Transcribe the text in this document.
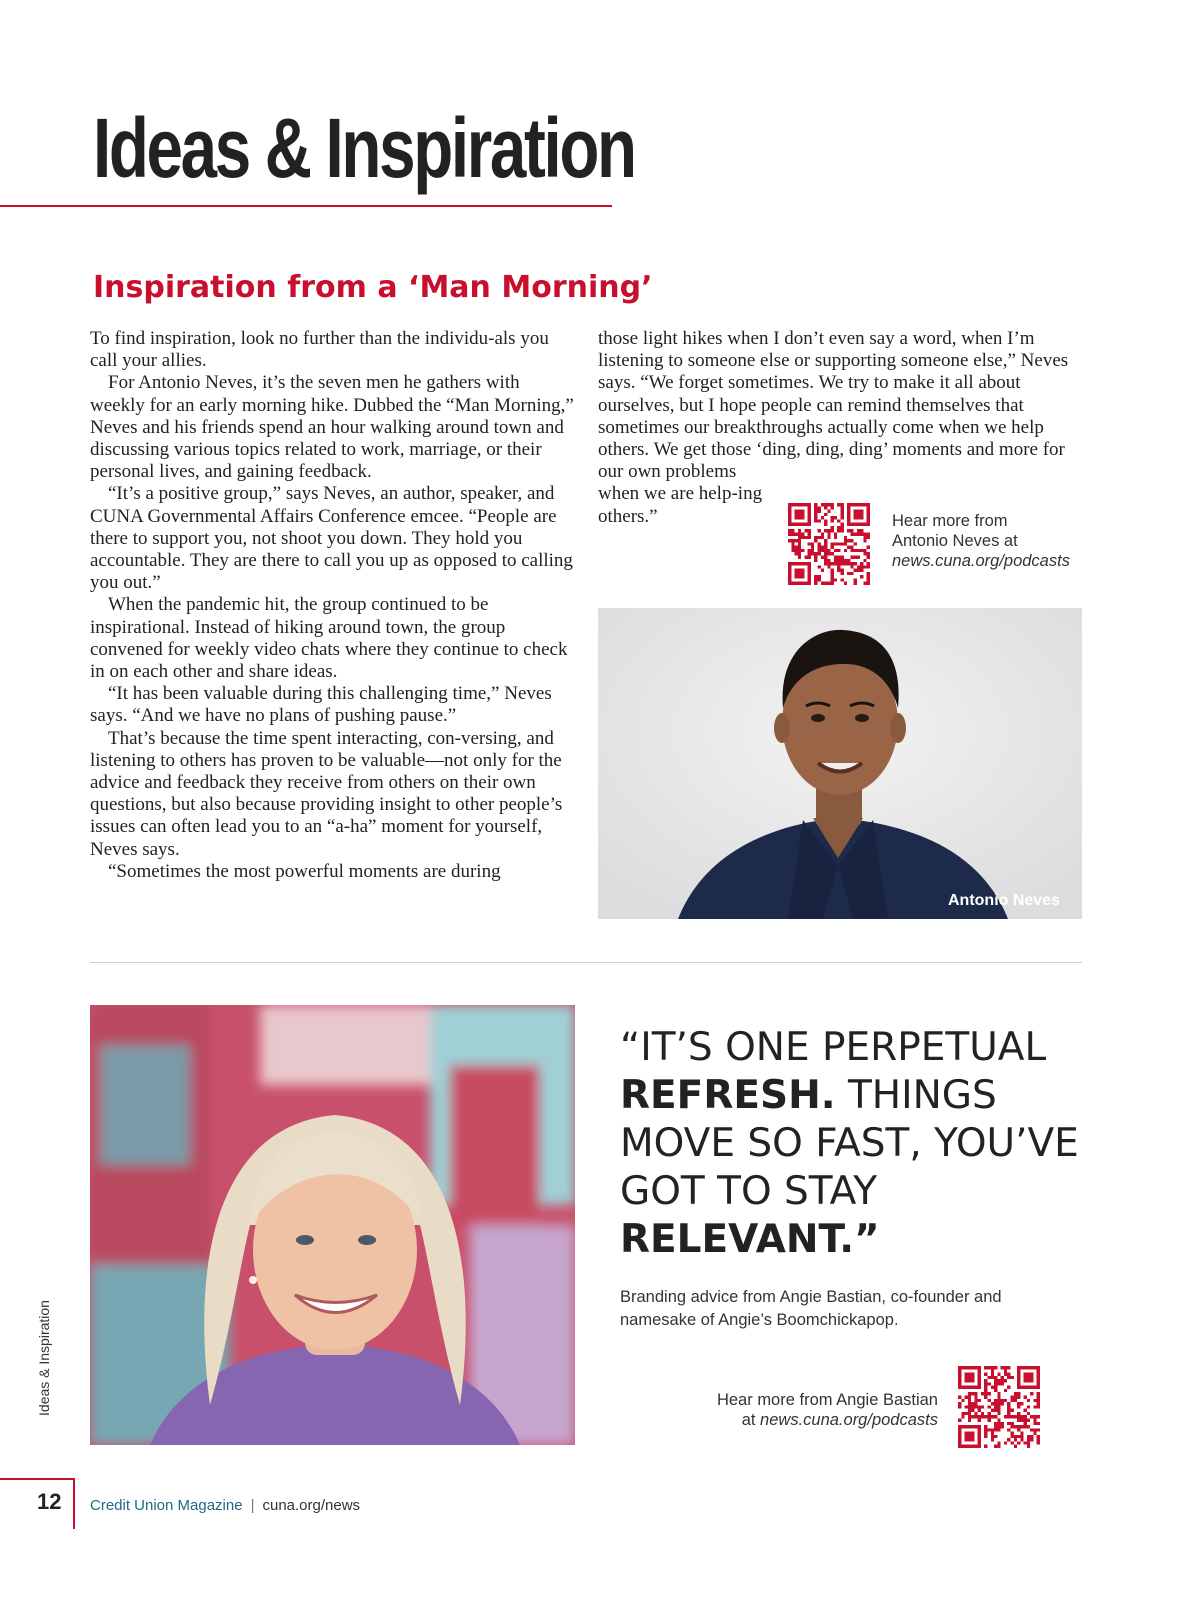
Ideas & Inspiration
Inspiration from a ‘Man Morning’

To find inspiration, look no further than the individu-als you call your allies.

For Antonio Neves, it’s the seven men he gathers with weekly for an early morning hike. Dubbed the “Man Morning,” Neves and his friends spend an hour walking around town and discussing various topics related to work, marriage, or their personal lives, and gaining feedback.

“It’s a positive group,” says Neves, an author, speaker, and CUNA Governmental Affairs Conference emcee. “People are there to support you, not shoot you down. They hold you accountable. They are there to call you up as opposed to calling you out.”

When the pandemic hit, the group continued to be inspirational. Instead of hiking around town, the group convened for weekly video chats where they continue to check in on each other and share ideas.

“It has been valuable during this challenging time,” Neves says. “And we have no plans of pushing pause.”

That’s because the time spent interacting, con-versing, and listening to others has proven to be valuable—not only for the advice and feedback they receive from others on their own questions, but also because providing insight to other people’s issues can often lead you to an “a-ha” moment for yourself, Neves says.

“Sometimes the most powerful moments are during

those light hikes when I don’t even say a word, when I’m listening to someone else or supporting someone else,” Neves says. “We forget sometimes. We try to make it all about ourselves, but I hope people can remind themselves that sometimes our breakthroughs actually come when we help others. We get those ‘ding, ding, ding’ moments and more for

our own problems when we are help-ing others.”	Hear more from
Antonio Neves at
news.cuna.org/podcasts
Antonio Neves

“IT’S ONE PERPETUAL
REFRESH. THINGS MOVE SO FAST, YOU’VE GOT TO STAY RELEVANT.”

Branding advice from Angie Bastian, co-founder and namesake of Angie’s Boomchickapop.
Hear more from Angie Bastian
at news.cuna.org/podcasts
Ideas & Inspiration
12 Credit Union Magazine | cuna.org/news
